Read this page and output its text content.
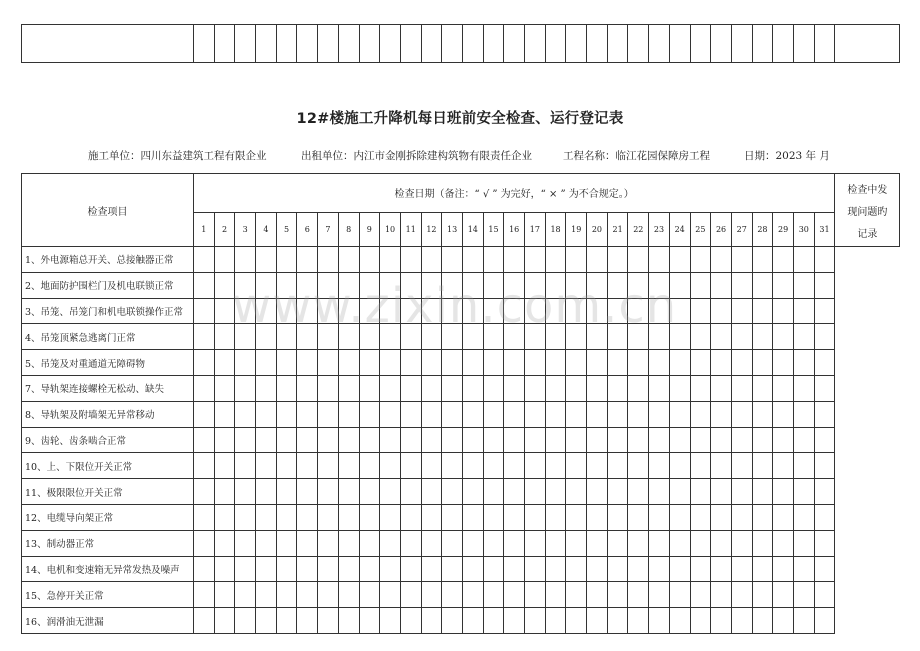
12#楼施工升降机每日班前安全检查、运行登记表
施工单位：四川东益建筑工程有限企业	出租单位：内江市金刚拆除建构筑物有限责任企业	工程名称：临江花园保障房工程	日期：2023 年 月
检查项目	检查日期（备注：“ √ ” 为完好，“ × ” 为不合规定。）																															检查中发现问题旳记录

	1	2	3	4	5	6	7	8	9	10	11	12	13	14	15	16	17	18	19	20	21	22	23	24	25	26	27	28	29	30	31	
1、外电源箱总开关、总接触器正常																																
2、地面防护围栏门及机电联锁正常																																
3、吊笼、吊笼门和机电联锁操作正常																																
4、吊笼顶紧急逃离门正常																																
5、吊笼及对重通道无障碍物																																
7、导轨架连接螺栓无松动、缺失																																
8、导轨架及附墙架无异常移动																																
9、齿轮、齿条啮合正常																																
10、上、下限位开关正常																																
11、极限限位开关正常																																
12、电缆导向架正常																																
13、制动器正常																																
14、电机和变速箱无异常发热及噪声																																
15、急停开关正常																																
16、润滑油无泄漏																																
www.zixin.com.cn
